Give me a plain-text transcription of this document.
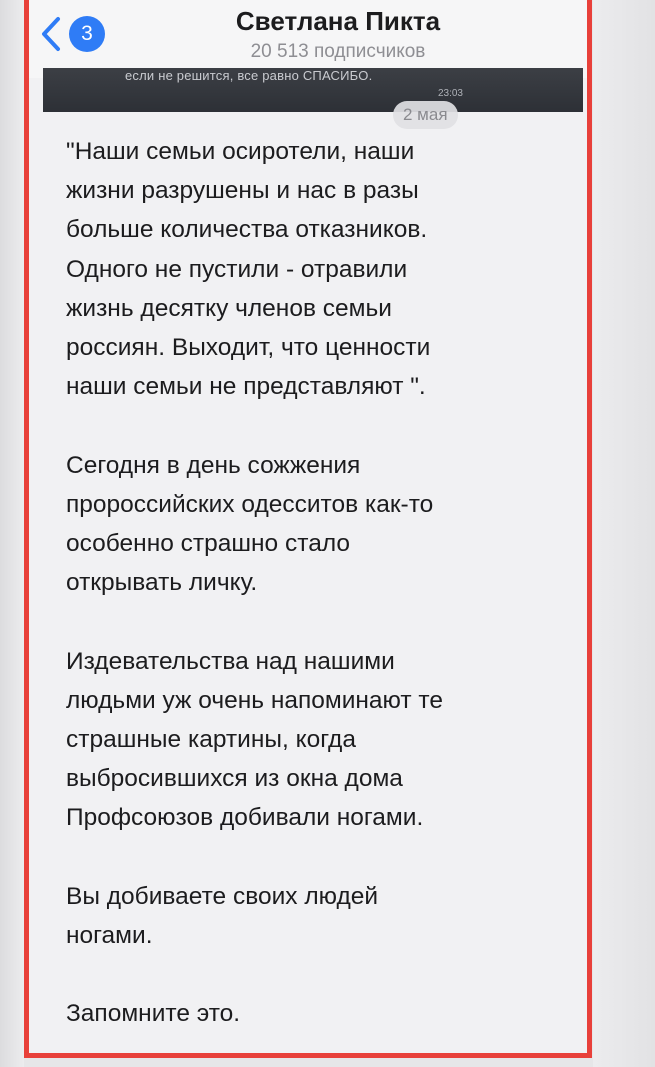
3	Светлана Пикта
20 513 подписчиков
если не решится, все равно СПАСИБО.
23:03
2 мая

"Наши семьи осиротели, наши
жизни разрушены и нас в разы
больше количества отказников.
Одного не пустили - отравили
жизнь десятку членов семьи
россиян. Выходит, что ценности
наши семьи не представляют ".

Сегодня в день сожжения
пророссийских одесситов как-то
особенно страшно стало
открывать личку.

Издевательства над нашими
людьми уж очень напоминают те
страшные картины, когда
выбросившихся из окна дома
Профсоюзов добивали ногами.

Вы добиваете своих людей
ногами.

Запомните это.
